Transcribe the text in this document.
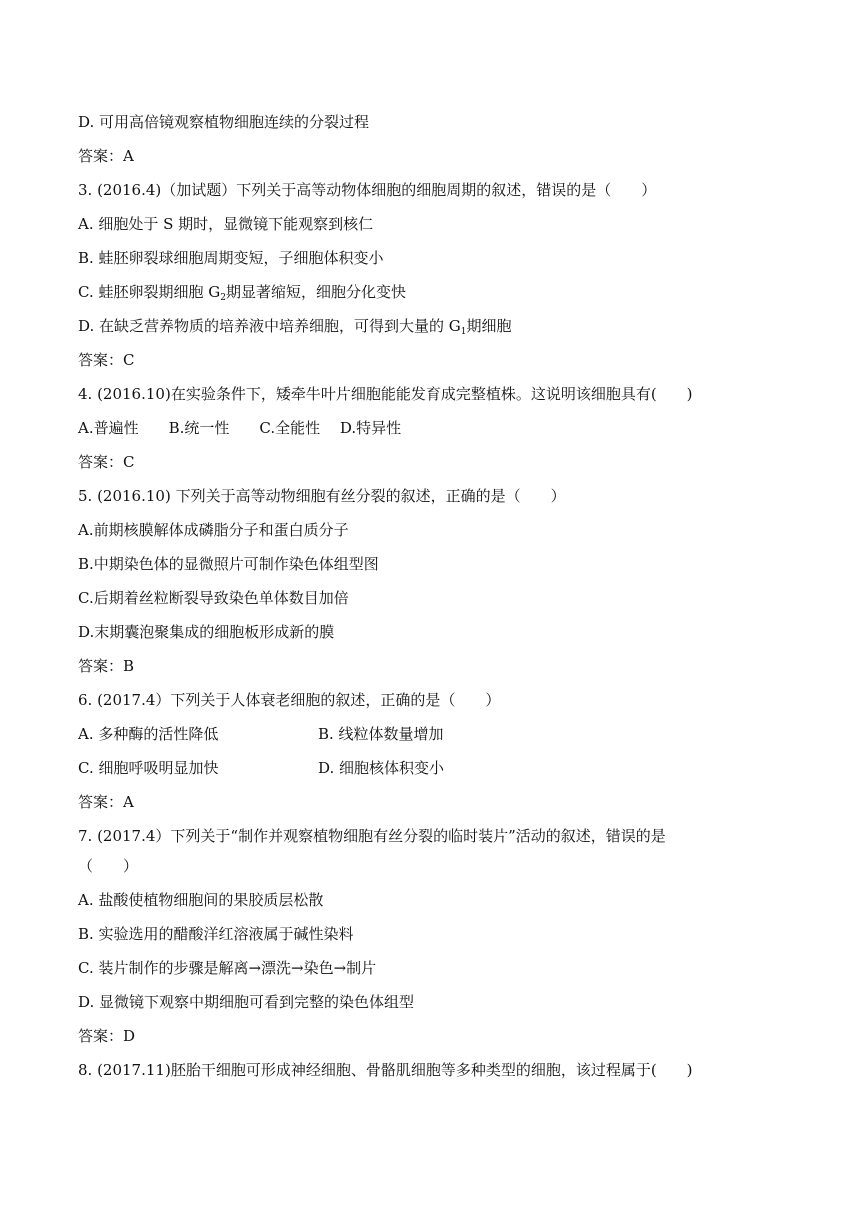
D. 可用高倍镜观察植物细胞连续的分裂过程
答案：A
3. (2016.4)（加试题）下列关于高等动物体细胞的细胞周期的叙述，错误的是（　　）
A. 细胞处于 S 期时，显微镜下能观察到核仁
B. 蛙胚卵裂球细胞周期变短，子细胞体积变小
C. 蛙胚卵裂期细胞 $G_2$期显著缩短，细胞分化变快
D. 在缺乏营养物质的培养液中培养细胞，可得到大量的 $G_1$期细胞
答案：C
4. (2016.10)在实验条件下，矮牵牛叶片细胞能能发育成完整植株。这说明该细胞具有(　　)
A.普遍性　　B.统一性　　C.全能性　 D.特异性
答案：C
5. (2016.10) 下列关于高等动物细胞有丝分裂的叙述，正确的是（　　）
A.前期核膜解体成磷脂分子和蛋白质分子
B.中期染色体的显微照片可制作染色体组型图
C.后期着丝粒断裂导致染色单体数目加倍
D.末期囊泡聚集成的细胞板形成新的膜
答案：B
6. (2017.4）下列关于人体衰老细胞的叙述，正确的是（　　）
A. 多种酶的活性降低	B. 线粒体数量增加
C. 细胞呼吸明显加快	D. 细胞核体积变小
答案：A
7. (2017.4）下列关于“制作并观察植物细胞有丝分裂的临时装片”活动的叙述，错误的是
（　　）
A. 盐酸使植物细胞间的果胶质层松散
B. 实验选用的醋酸洋红溶液属于碱性染料
C. 装片制作的步骤是解离→漂洗→染色→制片
D. 显微镜下观察中期细胞可看到完整的染色体组型
答案：D
8. (2017.11)胚胎干细胞可形成神经细胞、骨骼肌细胞等多种类型的细胞，该过程属于(　　)
